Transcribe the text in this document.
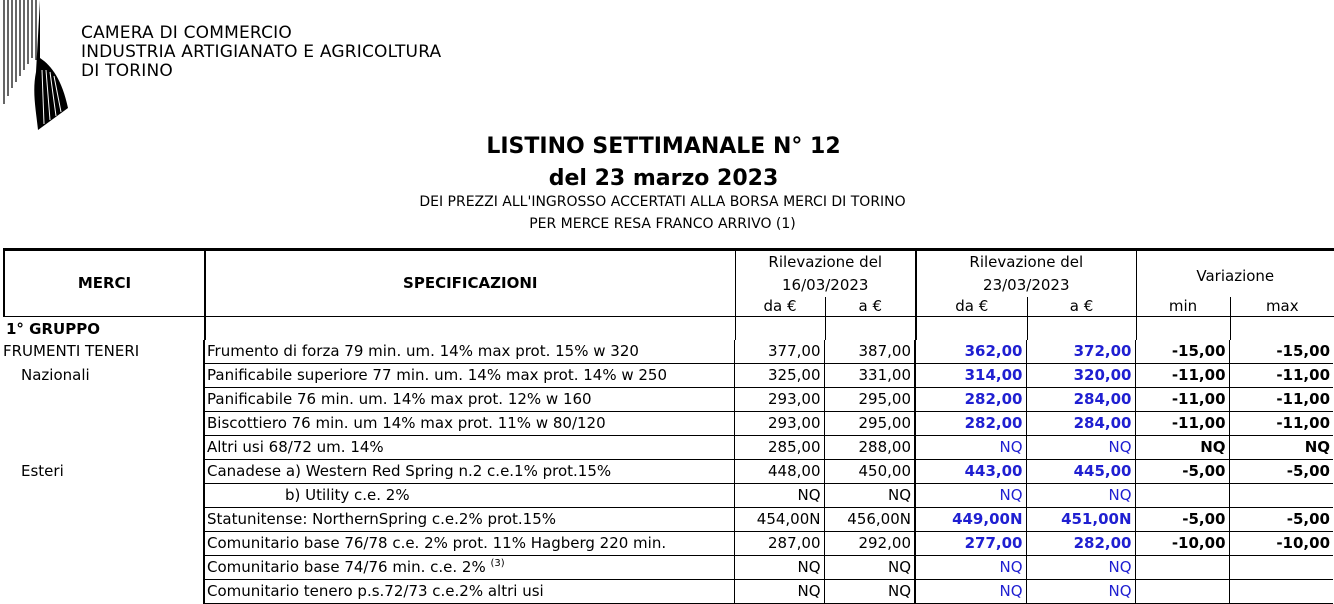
CAMERA DI COMMERCIO
INDUSTRIA ARTIGIANATO E AGRICOLTURA
DI TORINO
LISTINO SETTIMANALE N° 12
del 23 marzo 2023
DEI PREZZI ALL'INGROSSO ACCERTATI ALLA BORSA MERCI DI TORINO
PER MERCE RESA FRANCO ARRIVO (1)
MERCI	SPECIFICAZIONI	Rilevazione del		Rilevazione del		Variazione	
		16/03/2023		23/03/2023			
		da €	a €	da €	a €	min	max
1° GRUPPO							
FRUMENTI TENERI	Frumento di forza 79 min. um. 14% max prot. 15% w 320	377,00	387,00	362,00	372,00	-15,00	-15,00
Nazionali	Panificabile superiore 77 min. um. 14% max prot. 14% w 250	325,00	331,00	314,00	320,00	-11,00	-11,00
	Panificabile 76 min. um. 14% max prot. 12% w 160	293,00	295,00	282,00	284,00	-11,00	-11,00
	Biscottiero 76 min. um 14% max prot. 11% w 80/120	293,00	295,00	282,00	284,00	-11,00	-11,00
	Altri usi 68/72 um. 14%	285,00	288,00	NQ	NQ	NQ	NQ
Esteri	Canadese a) Western Red Spring n.2 c.e.1% prot.15%	448,00	450,00	443,00	445,00	-5,00	-5,00
	b) Utility c.e. 2%	NQ	NQ	NQ	NQ		
	Statunitense: NorthernSpring c.e.2% prot.15%	454,00N	456,00N	449,00N	451,00N	-5,00	-5,00
	Comunitario base 76/78 c.e. 2% prot. 11% Hagberg 220 min.	287,00	292,00	277,00	282,00	-10,00	-10,00
	Comunitario base 74/76 min. c.e. 2% $^{(3)}$	NQ	NQ	NQ	NQ		
	Comunitario tenero p.s.72/73 c.e.2% altri usi	NQ	NQ	NQ	NQ		
